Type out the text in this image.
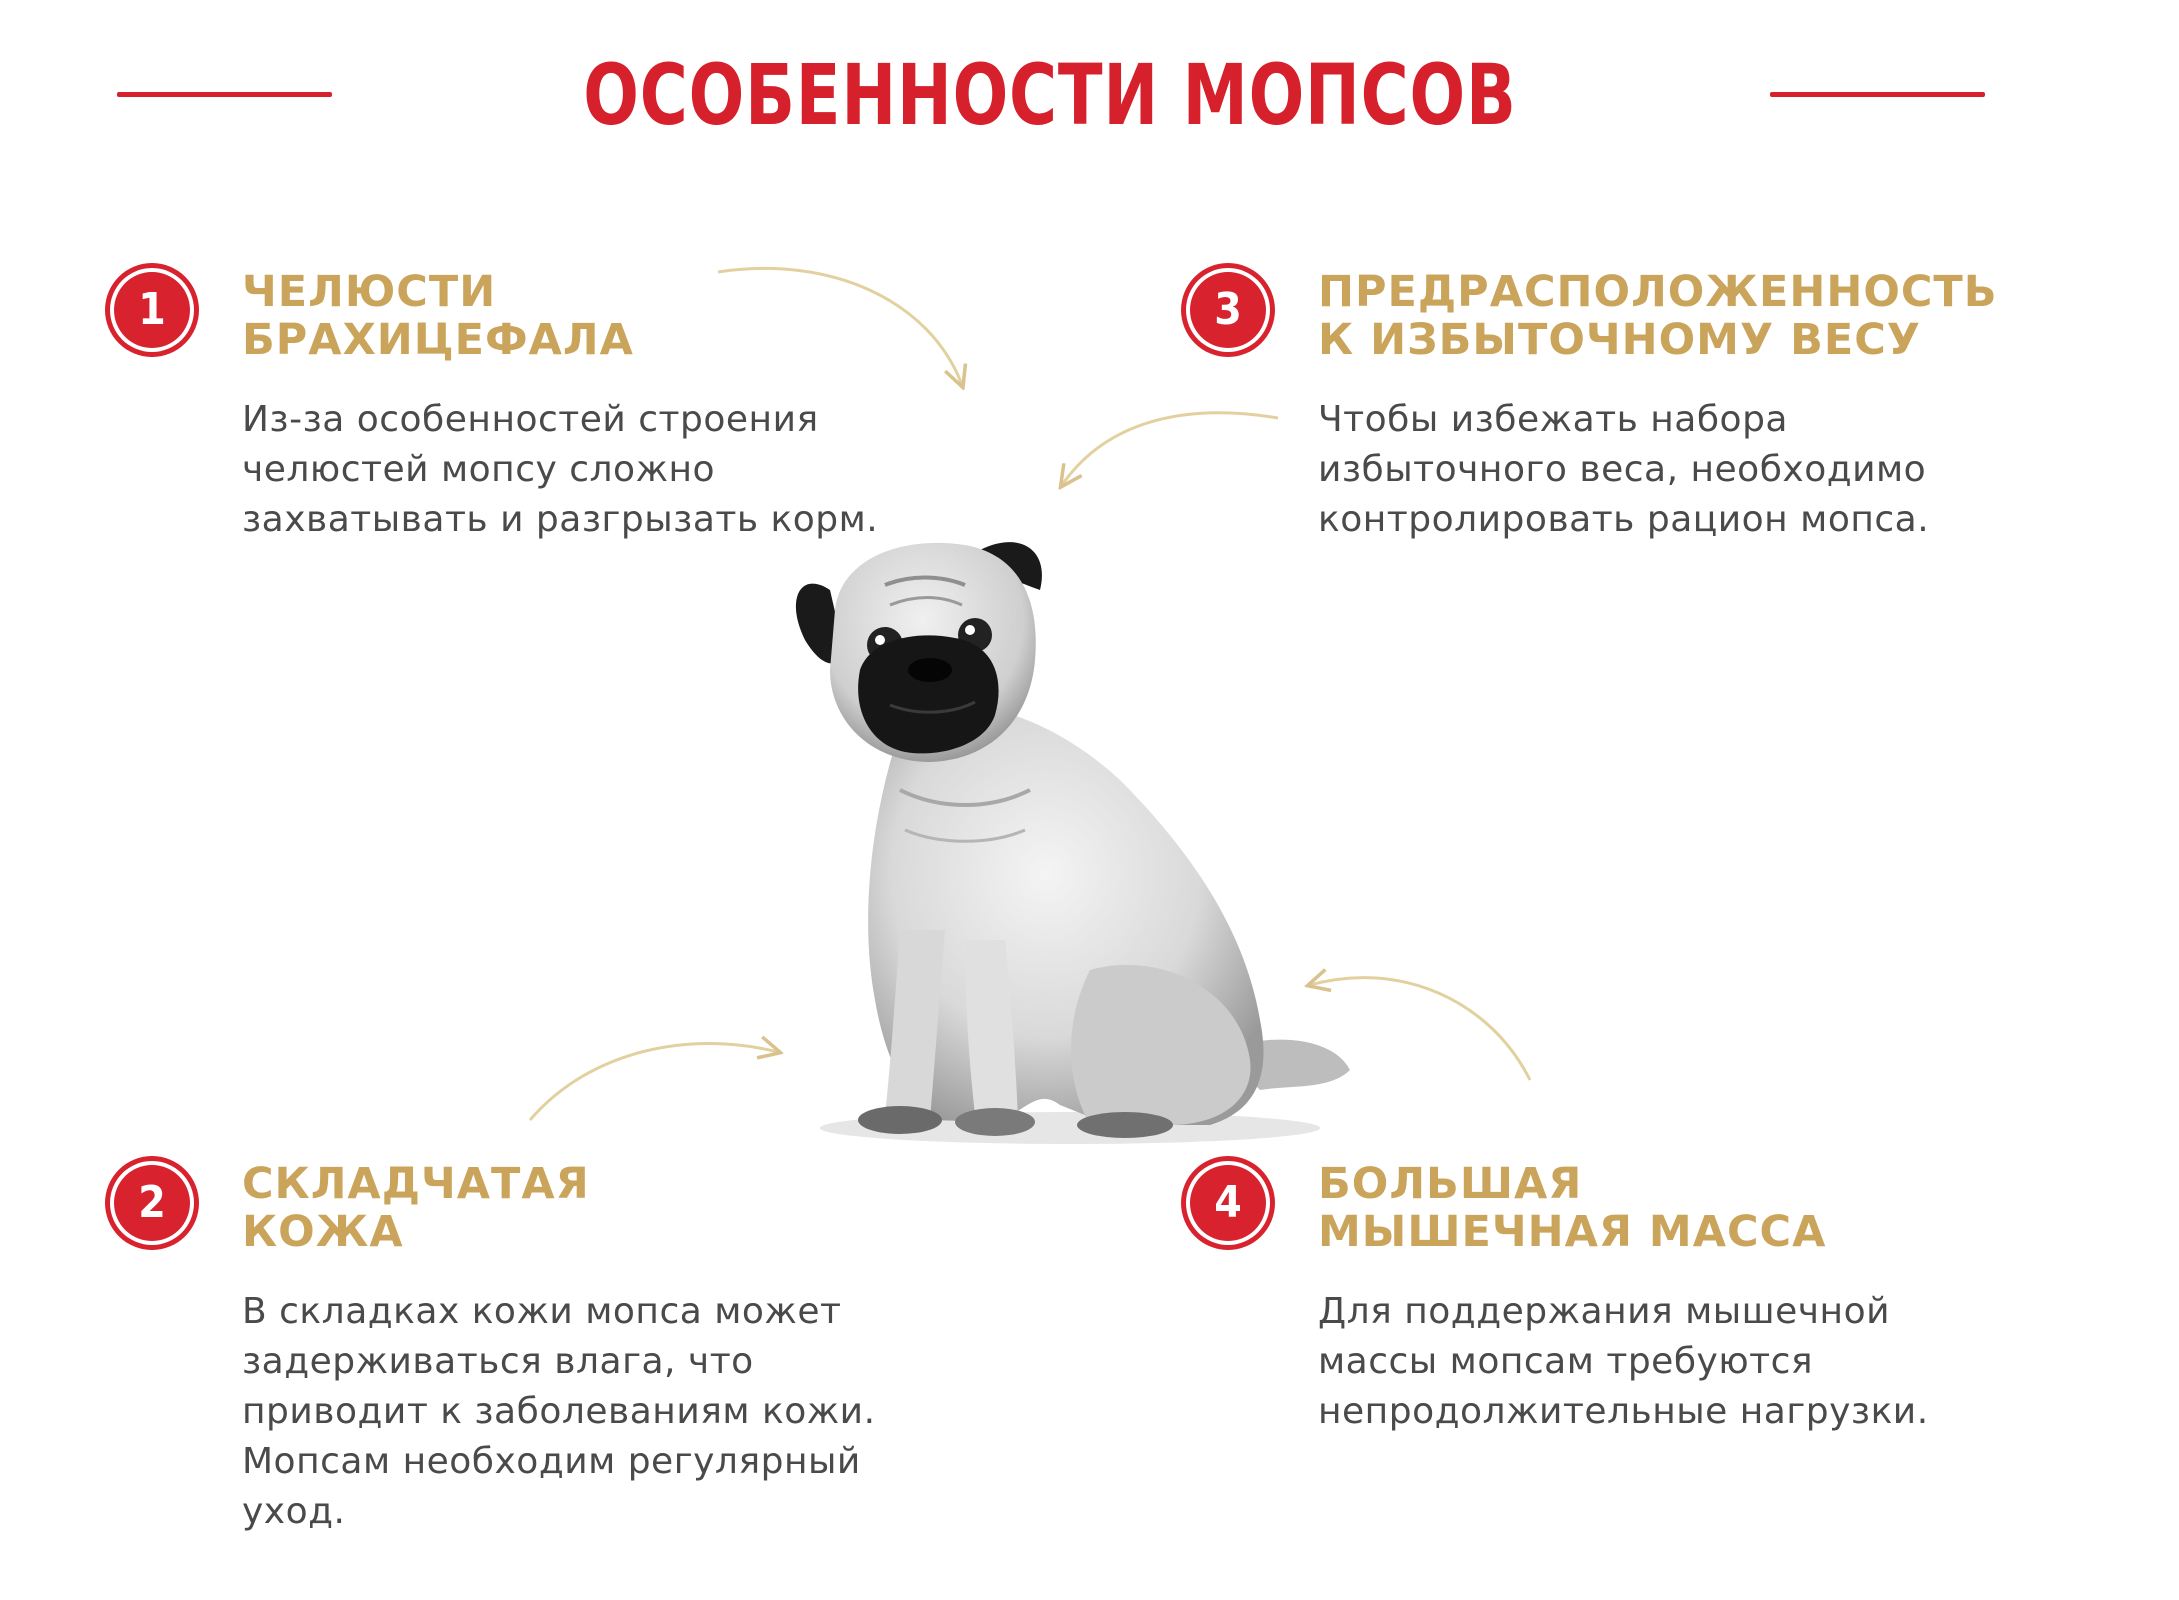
ОСОБЕННОСТИ МОПСОВ
1	ЧЕЛЮСТИ

БРАХИЦЕФАЛА

Из-за особенностей строения

челюстей мопсу сложно

захватывать и разгрызать корм.

2	СКЛАДЧАТАЯ

КОЖА

В складках кожи мопса может

задерживаться влага, что

приводит к заболеваниям кожи.

Мопсам необходим регулярный

уход.

3	ПРЕДРАСПОЛОЖЕННОСТЬ

К ИЗБЫТОЧНОМУ ВЕСУ

Чтобы избежать набора

избыточного веса, необходимо

контролировать рацион мопса.

4	БОЛЬШАЯ

МЫШЕЧНАЯ МАССА

Для поддержания мышечной

массы мопсам требуются

непродолжительные нагрузки.
